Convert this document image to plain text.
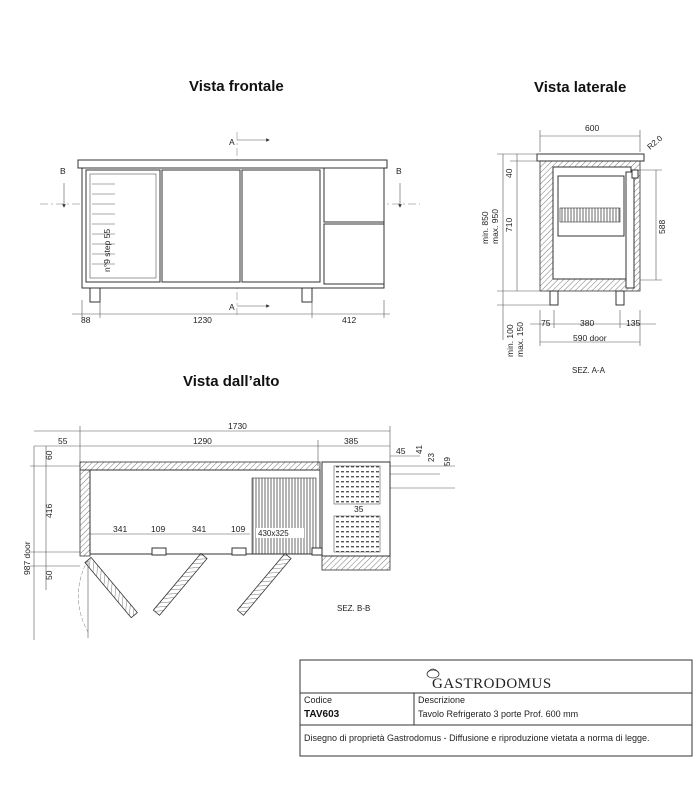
Vista frontale	Vista laterale
Vista dall’alto
A
A
B	B
n°9 step 55
88	1230	412
600
R2.0
40
710
min. 850 max. 950	588
min. 100 max. 150 75	380	135
590 door
SEZ. A-A
1730
55	1290	385
45 41
23 59
60
416
50
987 door
430x325
341	109	341	109
35
SEZ. B-B
GASTRODOMUS
Codice
TAV603
Descrizione
Tavolo Refrigerato 3 porte Prof. 600 mm
Disegno di proprietà Gastrodomus - Diffusione e riproduzione vietata a norma di legge.
